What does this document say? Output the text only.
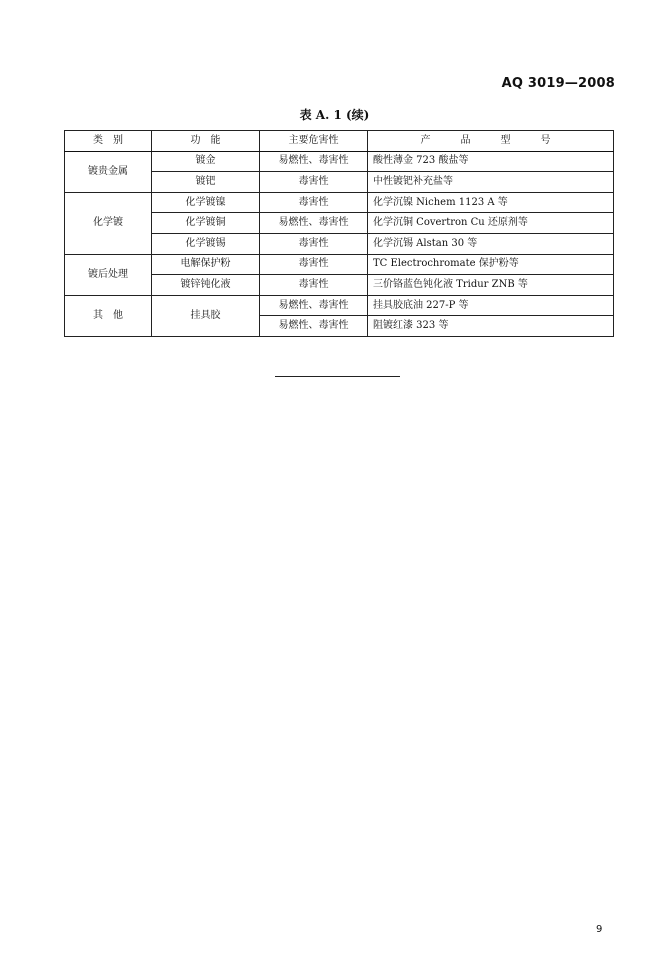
AQ 3019—2008
表 A. 1 (续)
类　别	功　能	主要危害性	产　品　型　号
镀贵金属	镀金	易燃性、毒害性	酸性薄金 723 酸盐等
	镀钯	毒害性	中性镀钯补充盐等
化学镀	化学镀镍	毒害性	化学沉镍 Nichem 1123 A 等
	化学镀铜	易燃性、毒害性	化学沉铜 Covertron Cu 还原剂等
	化学镀锡	毒害性	化学沉锡 Alstan 30 等
镀后处理	电解保护粉	毒害性	TC Electrochromate 保护粉等
	镀锌钝化液	毒害性	三价铬蓝色钝化液 Tridur ZNB 等
其　他	挂具胶	易燃性、毒害性	挂具胶底油 227-P 等
		易燃性、毒害性	阻镀红漆 323 等
9
